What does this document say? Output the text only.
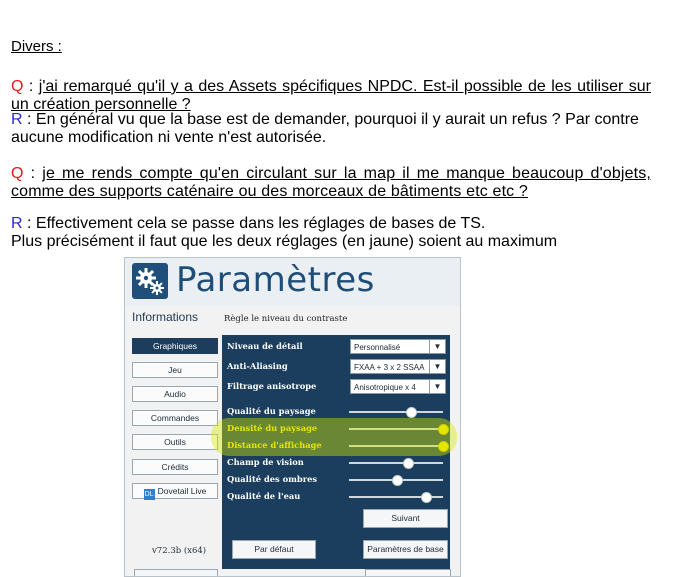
Divers :
Q : j'ai remarqué qu'il y a des Assets spécifiques NPDC. Est-il possible de les utiliser sur un création personnelle ?
R : En général vu que la base est de demander, pourquoi il y aurait un refus ? Par contre aucune modification ni vente n'est autorisée.
Q : je me rends compte qu'en circulant sur la map il me manque beaucoup d'objets, comme des supports caténaire ou des morceaux de bâtiments etc etc ?
R : Effectivement cela se passe dans les réglages de bases de TS.
Plus précisément il faut que les deux réglages (en jaune) soient au maximum
Paramètres
Informations	Règle le niveau du contraste
Graphiques
Jeu
Audio
Commandes
Outils
Crédits
DL Dovetail Live
v72.3b (x64)
Niveau de détail	Personnalisé	▼
Anti-Aliasing	FXAA + 3 x 2 SSAA	▼
Filtrage anisotrope	Anisotropique x 4	▼
Qualité du paysage
Densité du paysage
Distance d'affichage
Champ de vision
Qualité des ombres
Qualité de l'eau
Suivant
Par défaut	Paramètres de base
